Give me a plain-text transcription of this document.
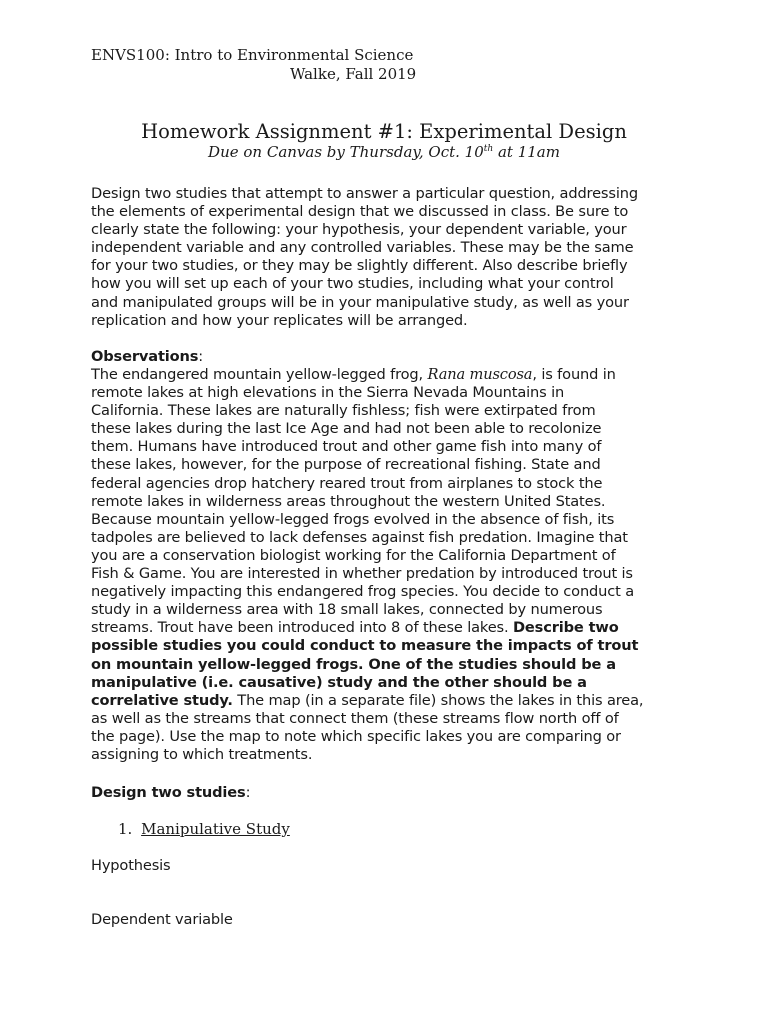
ENVS100: Intro to Environmental Science
Walke, Fall 2019
Homework Assignment #1: Experimental Design
Due on Canvas by Thursday, Oct. 10th at 11am
Design two studies that attempt to answer a particular question, addressing
the elements of experimental design that we discussed in class. Be sure to
clearly state the following: your hypothesis, your dependent variable, your
independent variable and any controlled variables. These may be the same
for your two studies, or they may be slightly different. Also describe briefly
how you will set up each of your two studies, including what your control
and manipulated groups will be in your manipulative study, as well as your
replication and how your replicates will be arranged.
Observations:
The endangered mountain yellow-legged frog, Rana muscosa, is found in
remote lakes at high elevations in the Sierra Nevada Mountains in
California. These lakes are naturally fishless; fish were extirpated from
these lakes during the last Ice Age and had not been able to recolonize
them. Humans have introduced trout and other game fish into many of
these lakes, however, for the purpose of recreational fishing. State and
federal agencies drop hatchery reared trout from airplanes to stock the
remote lakes in wilderness areas throughout the western United States.
Because mountain yellow-legged frogs evolved in the absence of fish, its
tadpoles are believed to lack defenses against fish predation. Imagine that
you are a conservation biologist working for the California Department of
Fish & Game. You are interested in whether predation by introduced trout is
negatively impacting this endangered frog species. You decide to conduct a
study in a wilderness area with 18 small lakes, connected by numerous
streams. Trout have been introduced into 8 of these lakes. Describe two
possible studies you could conduct to measure the impacts of trout
on mountain yellow-legged frogs. One of the studies should be a
manipulative (i.e. causative) study and the other should be a
correlative study. The map (in a separate file) shows the lakes in this area,
as well as the streams that connect them (these streams flow north off of
the page). Use the map to note which specific lakes you are comparing or
assigning to which treatments.
Design two studies:
1. Manipulative Study
Hypothesis
Dependent variable
